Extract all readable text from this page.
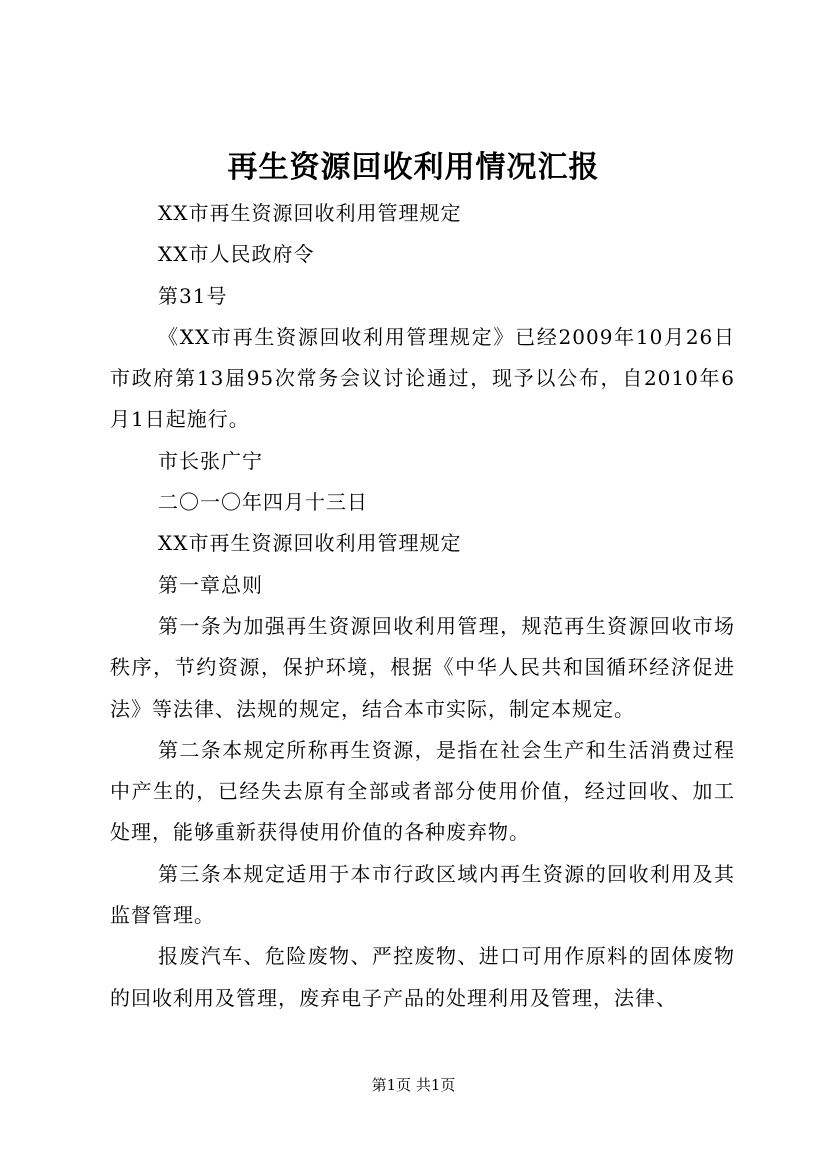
再生资源回收利用情况汇报

XX市再生资源回收利用管理规定

XX市人民政府令

第31号

《XX市再生资源回收利用管理规定》已经2009年10月26日市政府第13届95次常务会议讨论通过，现予以公布，自2010年6月1日起施行。

市长张广宁

二〇一〇年四月十三日

XX市再生资源回收利用管理规定

第一章总则

第一条为加强再生资源回收利用管理，规范再生资源回收市场秩序，节约资源，保护环境，根据《中华人民共和国循环经济促进法》等法律、法规的规定，结合本市实际，制定本规定。

第二条本规定所称再生资源，是指在社会生产和生活消费过程中产生的，已经失去原有全部或者部分使用价值，经过回收、加工处理，能够重新获得使用价值的各种废弃物。

第三条本规定适用于本市行政区域内再生资源的回收利用及其监督管理。

报废汽车、危险废物、严控废物、进口可用作原料的固体废物的回收利用及管理，废弃电子产品的处理利用及管理，法律、

第1页 共1页
